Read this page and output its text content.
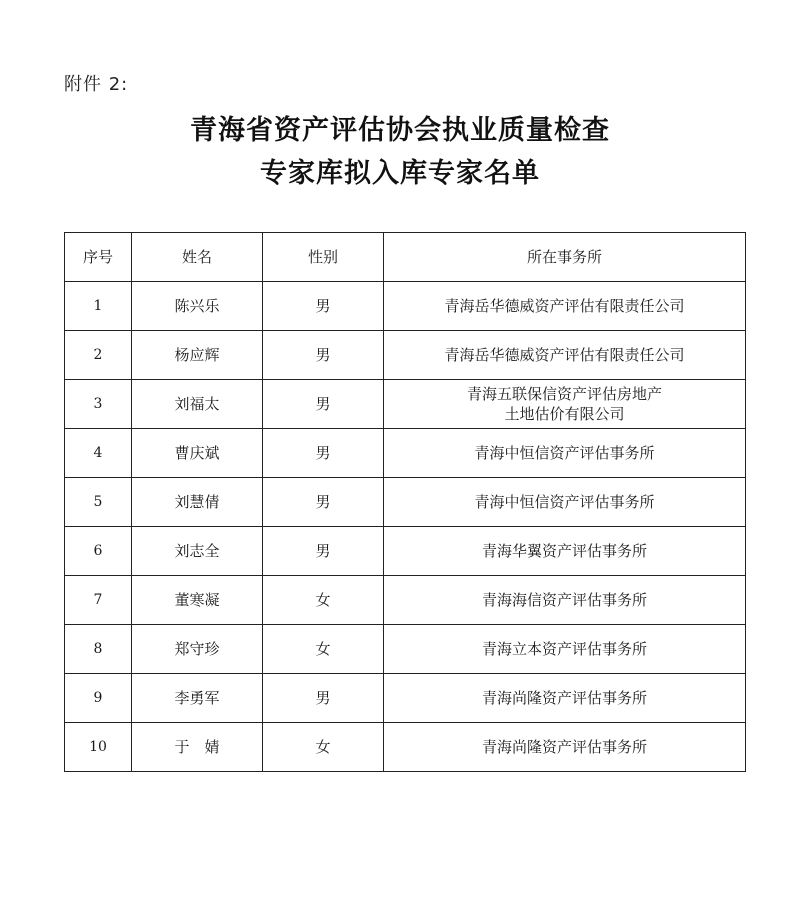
附件 2:
青海省资产评估协会执业质量检查
专家库拟入库专家名单
序号	姓名	性别	所在事务所
1	陈兴乐	男	青海岳华德威资产评估有限责任公司

2	杨应辉	男	青海岳华德威资产评估有限责任公司

3	刘福太	男	青海五联保信资产评估房地产
土地估价有限公司

4	曹庆斌	男	青海中恒信资产评估事务所

5	刘慧倩	男	青海中恒信资产评估事务所

6	刘志全	男	青海华翼资产评估事务所

7	董寒凝	女	青海海信资产评估事务所

8	郑守珍	女	青海立本资产评估事务所

9	李勇军	男	青海尚隆资产评估事务所

10	于　婧	女	青海尚隆资产评估事务所
